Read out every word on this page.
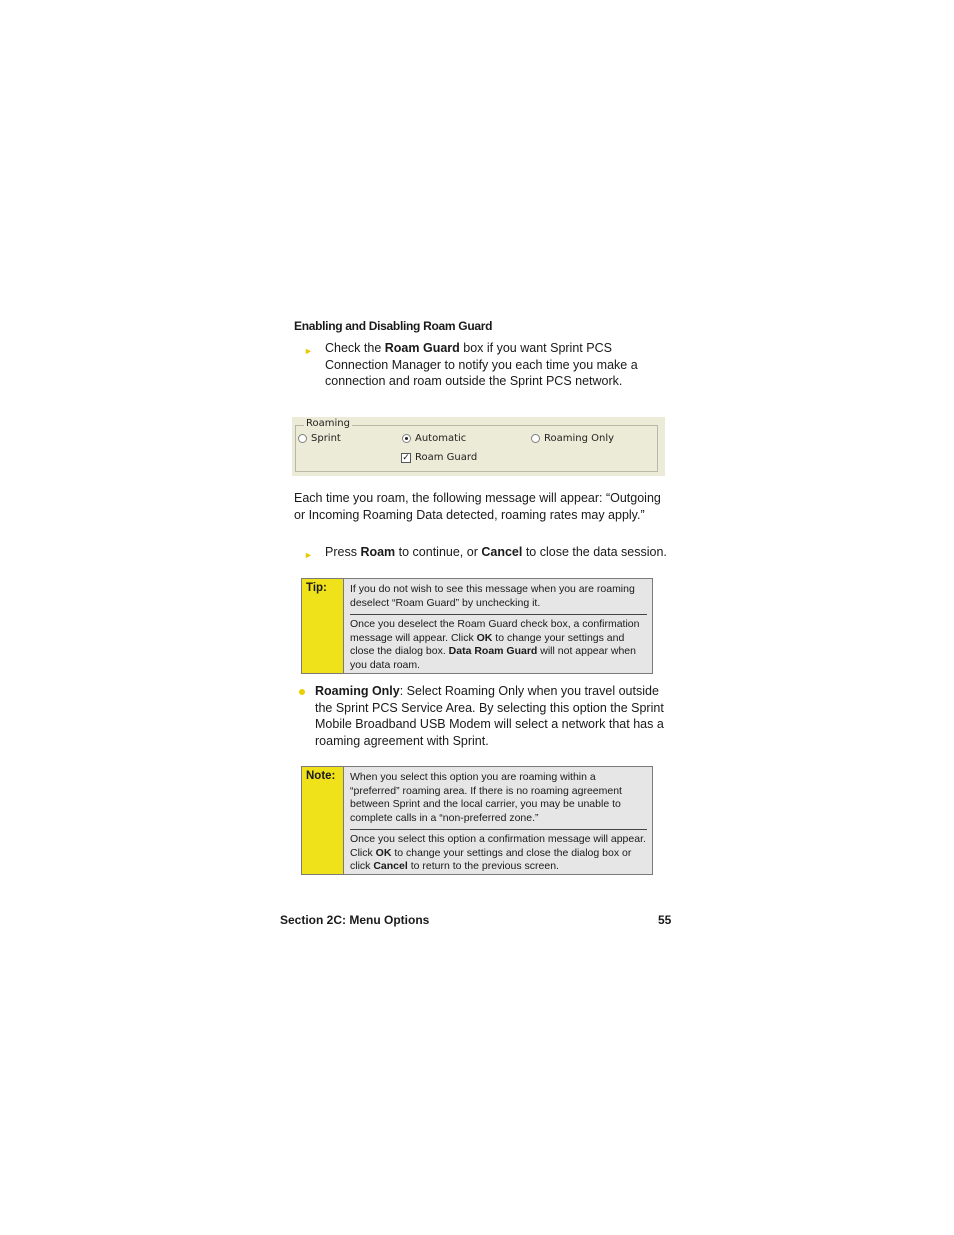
Enabling and Disabling Roam Guard
► Check the Roam Guard box if you want Sprint PCS Connection Manager to notify you each time you make a connection and roam outside the Sprint PCS network.
Roaming
Sprint	Automatic	Roaming Only
✓ Roam Guard
Each time you roam, the following message will appear: “Outgoing or Incoming Roaming Data detected, roaming rates may apply.”
► Press Roam to continue, or Cancel to close the data session.
Tip:	If you do not wish to see this message when you are roaming deselect “Roam Guard” by unchecking it.
Once you deselect the Roam Guard check box, a confirmation message will appear. Click OK to change your settings and close the dialog box. Data Roam Guard will not appear when you data roam.
Roaming Only: Select Roaming Only when you travel outside the Sprint PCS Service Area. By selecting this option the Sprint Mobile Broadband USB Modem will select a network that has a roaming agreement with Sprint.
Note:	When you select this option you are roaming within a “preferred” roaming area. If there is no roaming agreement between Sprint and the local carrier, you may be unable to complete calls in a “non-preferred zone.”
Once you select this option a confirmation message will appear. Click OK to change your settings and close the dialog box or click Cancel to return to the previous screen.
Section 2C: Menu Options	55
